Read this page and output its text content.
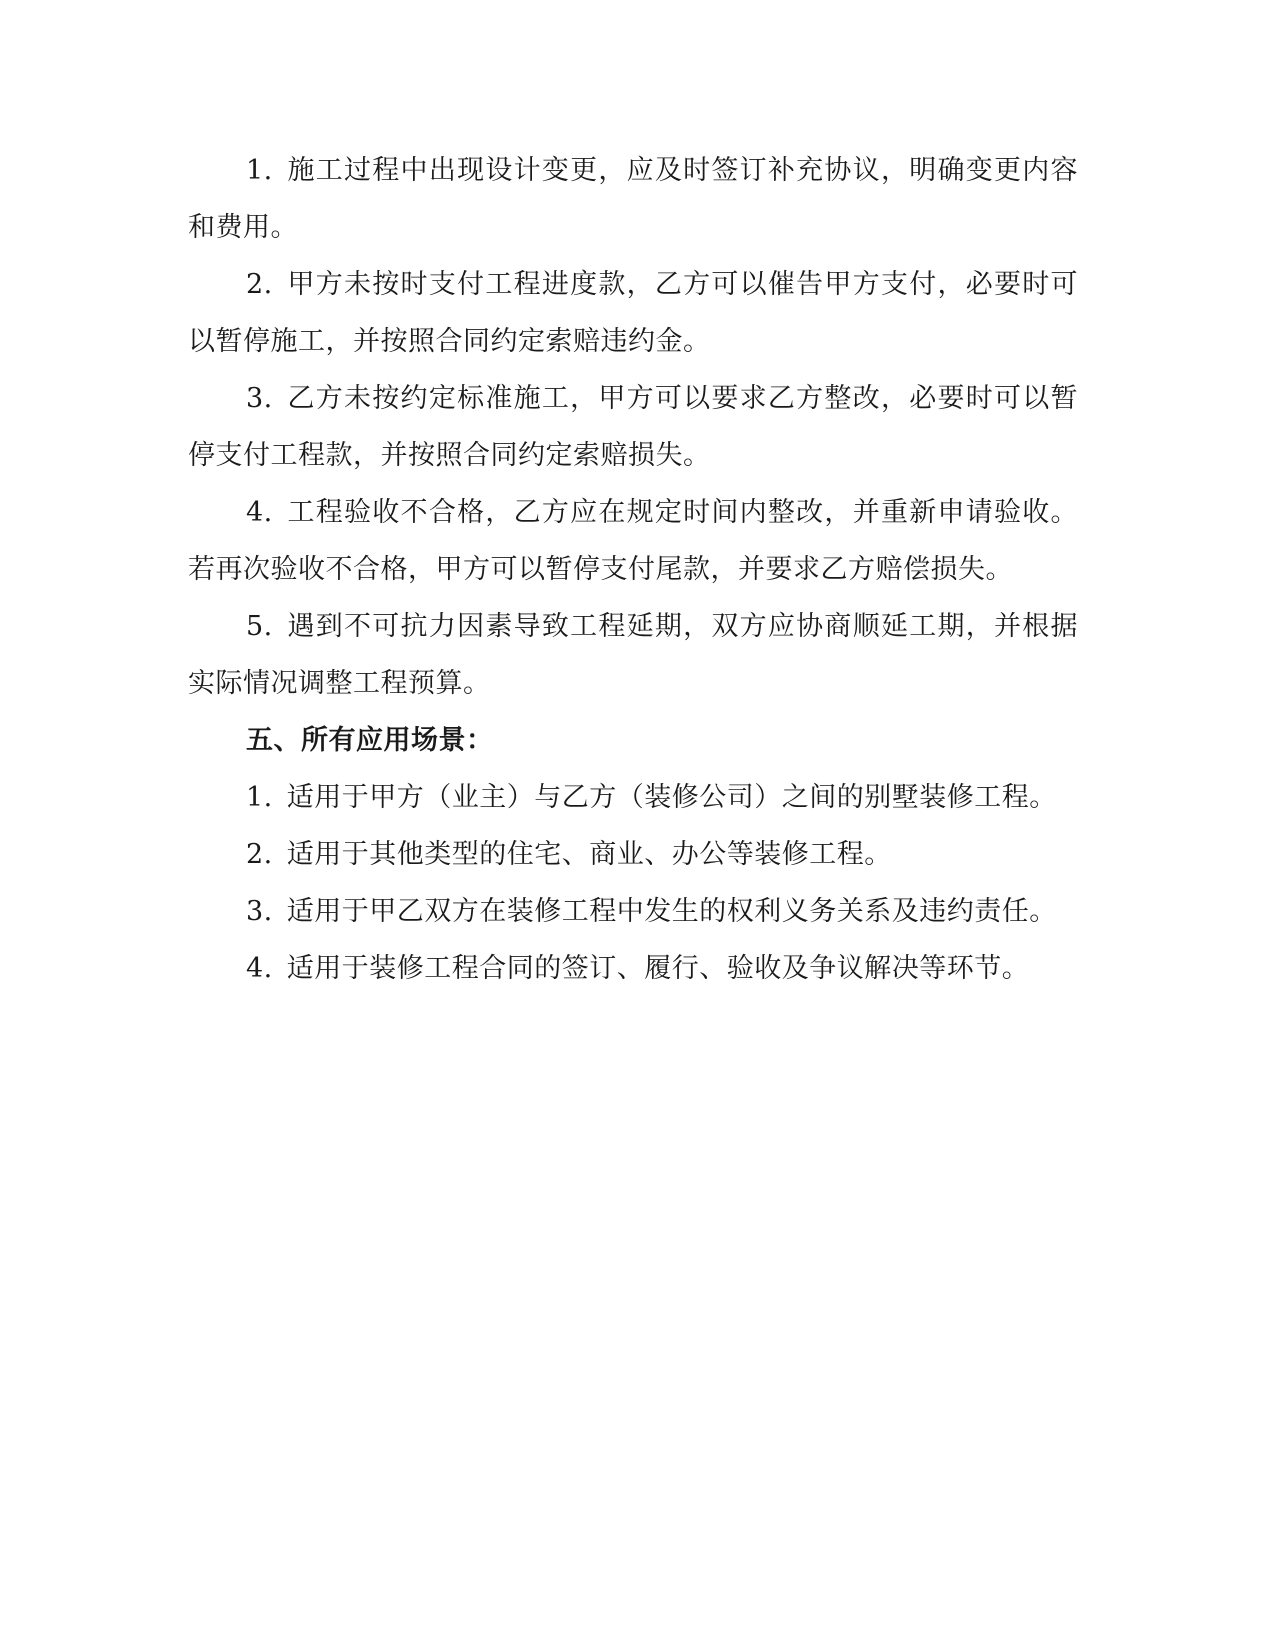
1. 施工过程中出现设计变更，应及时签订补充协议，明确变更内容和费用。

2. 甲方未按时支付工程进度款，乙方可以催告甲方支付，必要时可以暂停施工，并按照合同约定索赔违约金。

3. 乙方未按约定标准施工，甲方可以要求乙方整改，必要时可以暂停支付工程款，并按照合同约定索赔损失。

4. 工程验收不合格，乙方应在规定时间内整改，并重新申请验收。若再次验收不合格，甲方可以暂停支付尾款，并要求乙方赔偿损失。

5. 遇到不可抗力因素导致工程延期，双方应协商顺延工期，并根据实际情况调整工程预算。

五、所有应用场景：

1. 适用于甲方（业主）与乙方（装修公司）之间的别墅装修工程。

2. 适用于其他类型的住宅、商业、办公等装修工程。

3. 适用于甲乙双方在装修工程中发生的权利义务关系及违约责任。

4. 适用于装修工程合同的签订、履行、验收及争议解决等环节。
